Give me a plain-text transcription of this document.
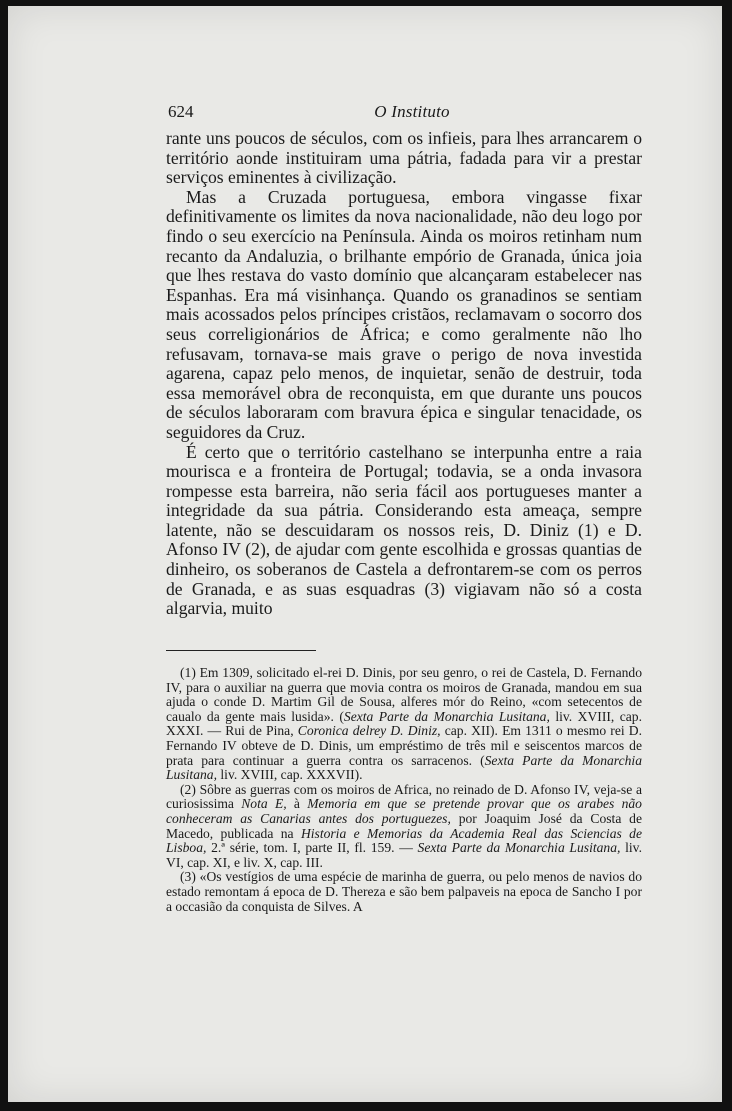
624	O Instituto

rante uns poucos de séculos, com os infieis, para lhes arrancarem o território aonde instituiram uma pátria, fadada para vir a prestar serviços eminentes à civilização.

Mas a Cruzada portuguesa, embora vingasse fixar definitivamente os limites da nova nacionalidade, não deu logo por findo o seu exercício na Península. Ainda os moiros retinham num recanto da Andaluzia, o brilhante empório de Granada, única joia que lhes restava do vasto domínio que alcançaram estabelecer nas Espanhas. Era má visinhança. Quando os granadinos se sentiam mais acossados pelos príncipes cristãos, reclamavam o socorro dos seus correligionários de África; e como geralmente não lho refusavam, tornava-se mais grave o perigo de nova investida agarena, capaz pelo menos, de inquietar, senão de destruir, toda essa memorável obra de reconquista, em que durante uns poucos de séculos laboraram com bravura épica e singular tenacidade, os seguidores da Cruz.

É certo que o território castelhano se interpunha entre a raia mourisca e a fronteira de Portugal; todavia, se a onda invasora rompesse esta barreira, não seria fácil aos portugueses manter a integridade da sua pátria. Considerando esta ameaça, sempre latente, não se descuidaram os nossos reis, D. Diniz (1) e D. Afonso IV (2), de ajudar com gente escolhida e grossas quantias de dinheiro, os soberanos de Castela a defrontarem-se com os perros de Granada, e as suas esquadras (3) vigiavam não só a costa algarvia, muito

(1) Em 1309, solicitado el-rei D. Dinis, por seu genro, o rei de Castela, D. Fernando IV, para o auxiliar na guerra que movia contra os moiros de Granada, mandou em sua ajuda o conde D. Martim Gil de Sousa, alferes mór do Reino, «com setecentos de caualo da gente mais lusida». (Sexta Parte da Monarchia Lusitana, liv. XVIII, cap. XXXI. — Rui de Pina, Coronica delrey D. Diniz, cap. XII). Em 1311 o mesmo rei D. Fernando IV obteve de D. Dinis, um empréstimo de três mil e seiscentos marcos de prata para continuar a guerra contra os sarracenos. (Sexta Parte da Monarchia Lusitana, liv. XVIII, cap. XXXVII).

(2) Sôbre as guerras com os moiros de Africa, no reinado de D. Afonso IV, veja-se a curiosissima Nota E, à Memoria em que se pretende provar que os arabes não conheceram as Canarias antes dos portuguezes, por Joaquim José da Costa de Macedo, publicada na Historia e Memorias da Academia Real das Sciencias de Lisboa, 2.ª série, tom. I, parte II, fl. 159. — Sexta Parte da Monarchia Lusitana, liv. VI, cap. XI, e liv. X, cap. III.

(3) «Os vestígios de uma espécie de marinha de guerra, ou pelo menos de navios do estado remontam á epoca de D. Thereza e são bem palpaveis na epoca de Sancho I por a occasião da conquista de Silves. A
